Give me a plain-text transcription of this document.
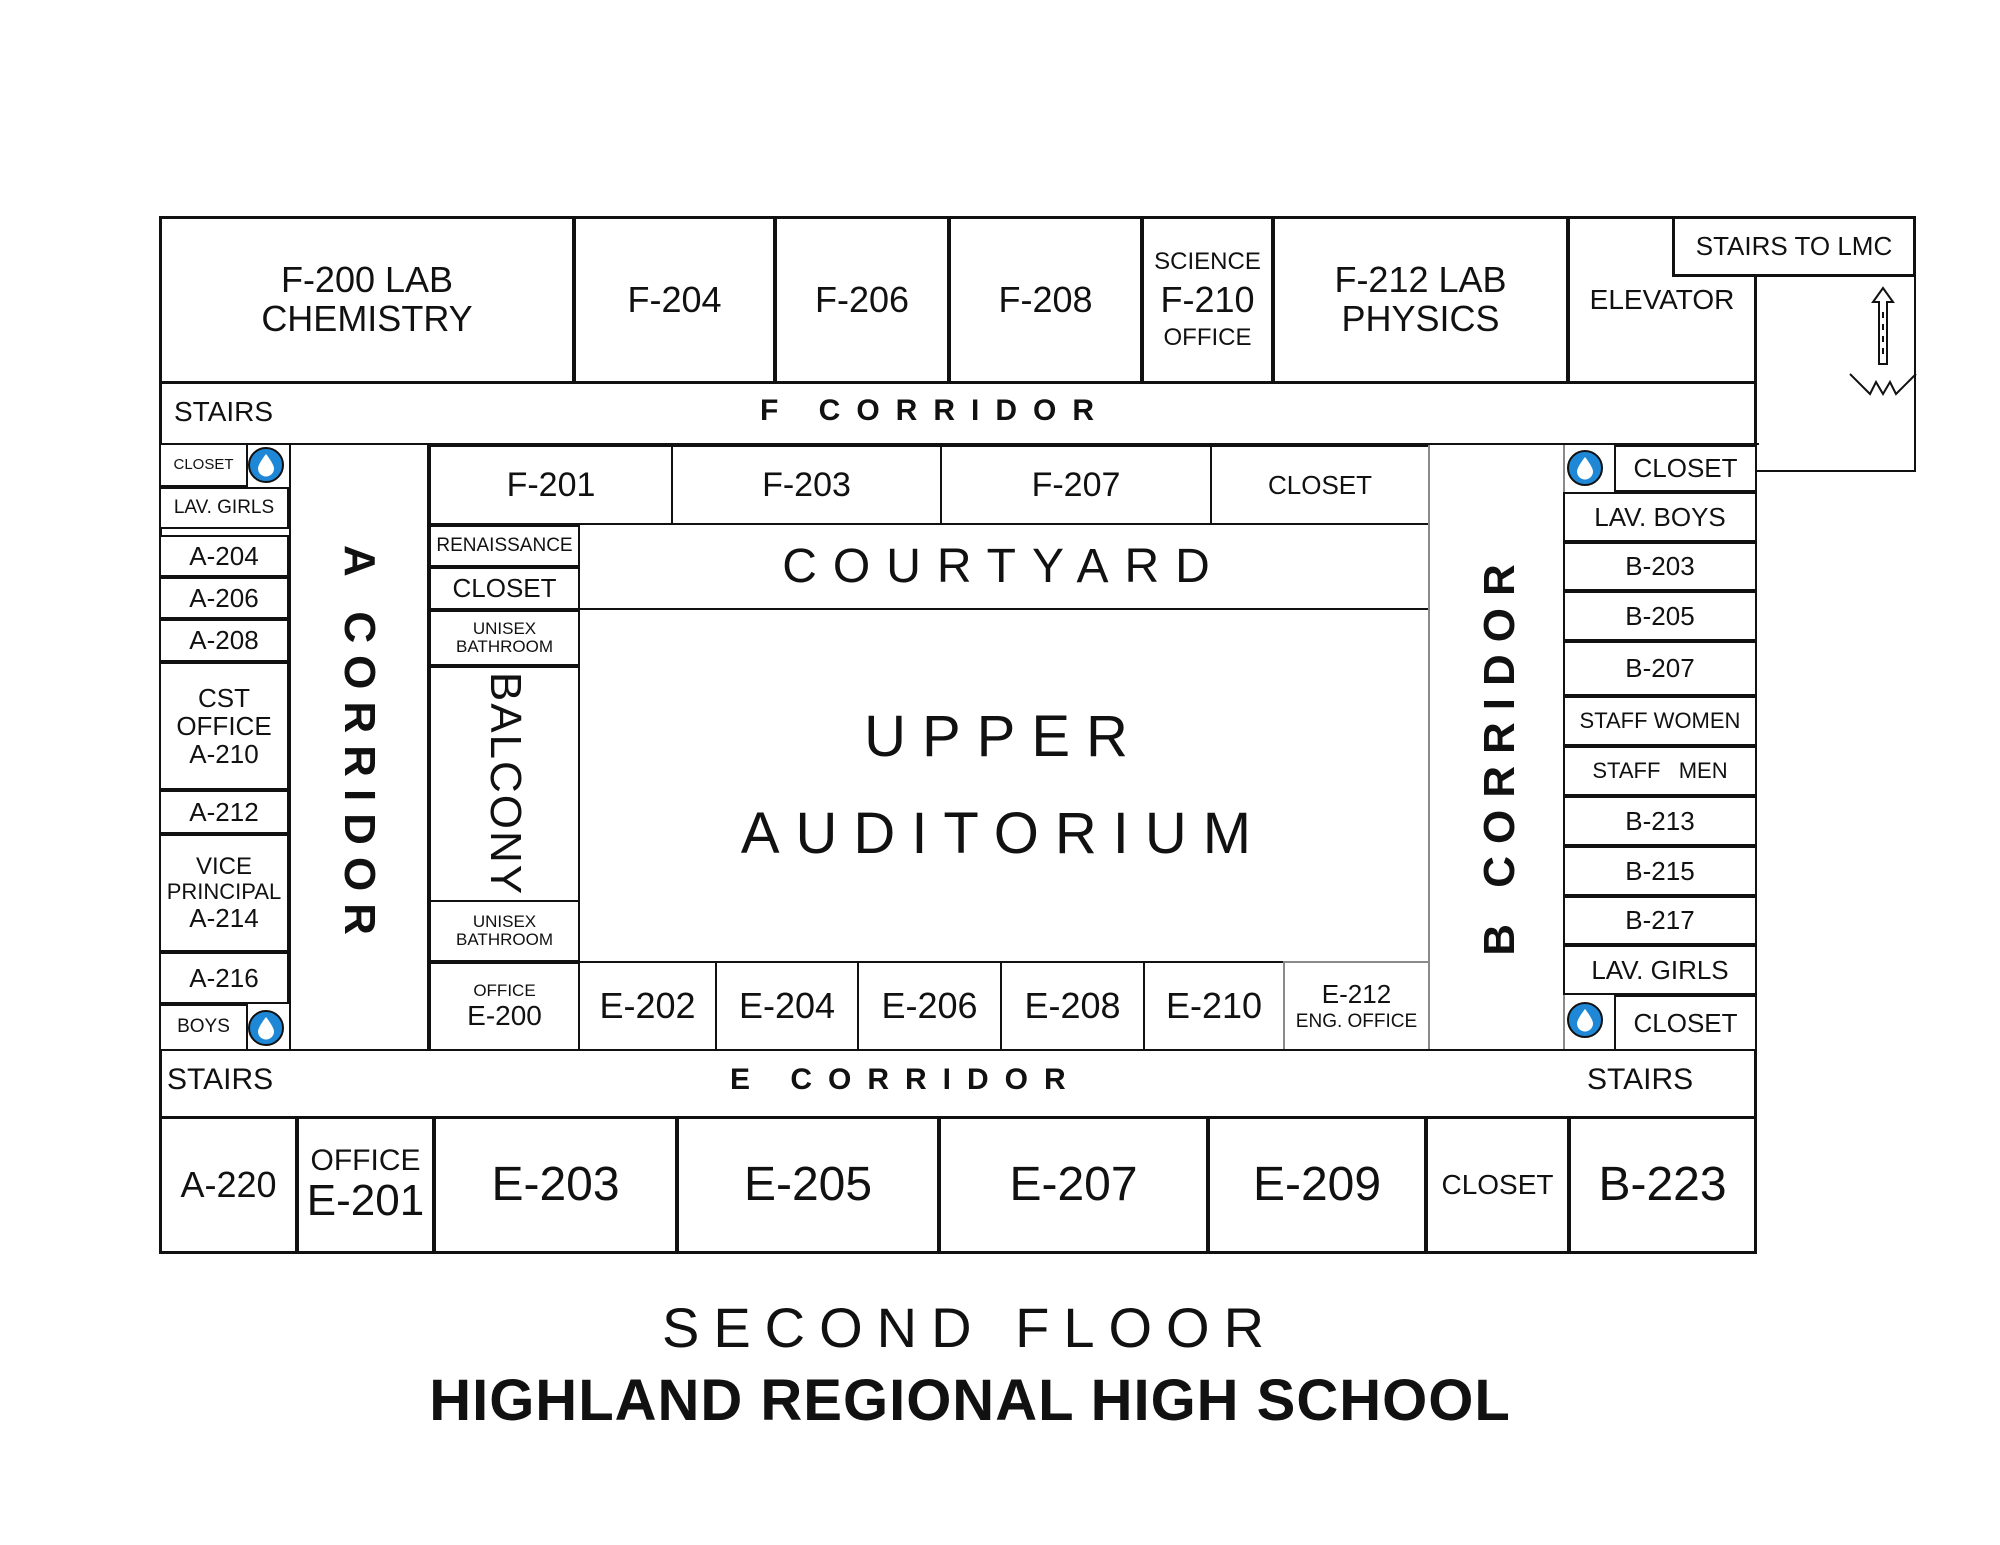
F-200 LAB
CHEMISTRY	F-204	F-206 F-208
SCIENCE
F-210
OFFICE
F-212 LAB
PHYSICS	ELEVATOR
STAIRS TO LMC
STAIRS	F CORRIDOR
CLOSET
LAV. GIRLS
A-204
A-206
A-208
CST
OFFICE
A-210
A-212
VICE
PRINCIPAL
A-214
A-216
BOYS
A CORRIDOR
F-201	F-203	F-207	CLOSET
COURTYARD
RENAISSANCE
CLOSET
UNISEX
BATHROOM
BALCONY
UNISEX
BATHROOM
OFFICE
E-200
UPPER
AUDITORIUM
E-202 E-204 E-206 E-208 E-210 E-212
ENG. OFFICE
B CORRIDOR
CLOSET
LAV. BOYS
B-203
B-205
B-207
STAFF WOMEN
STAFF   MEN
B-213
B-215
B-217
LAV. GIRLS
CLOSET
STAIRS	E CORRIDOR	STAIRS
A-220
OFFICE
E-201 E-203	E-205	E-207 E-209 CLOSET B-223
SECOND FLOOR
HIGHLAND REGIONAL HIGH SCHOOL
